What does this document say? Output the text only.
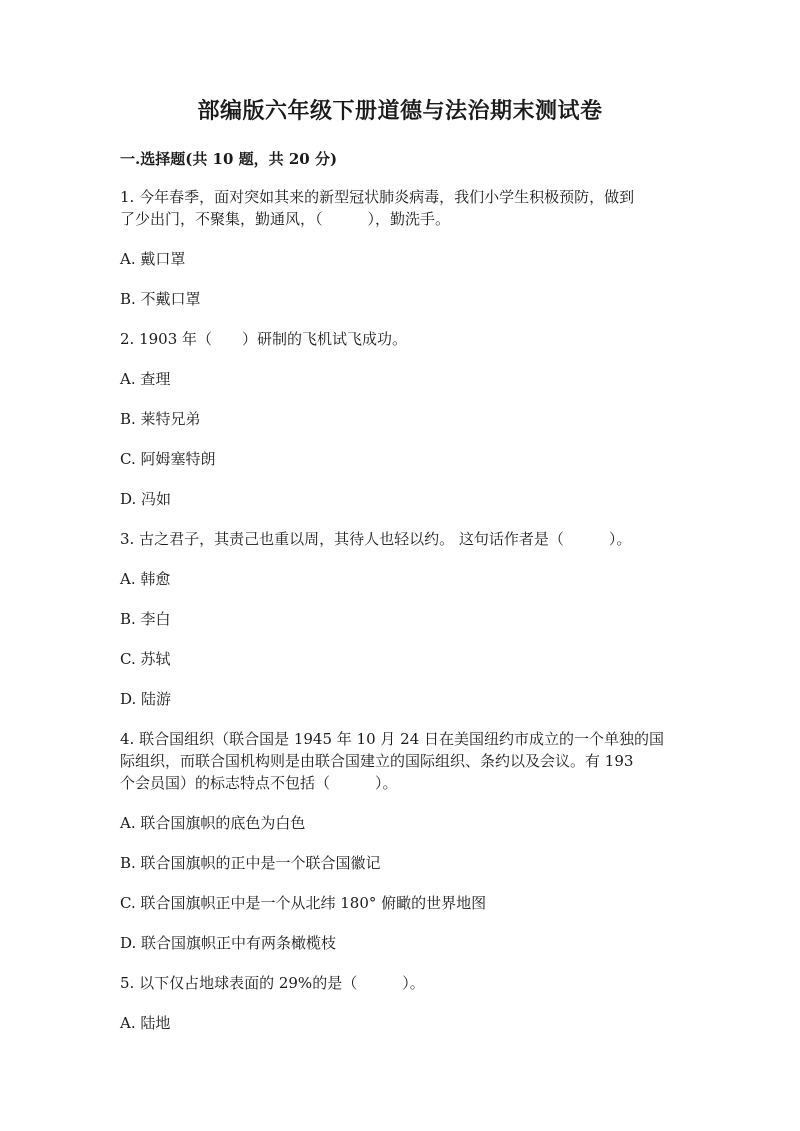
部编版六年级下册道德与法治期末测试卷
一.选择题(共 10 题，共 20 分)
1. 今年春季，面对突如其来的新型冠状肺炎病毒，我们小学生积极预防，做到
了少出门，不聚集，勤通风，（　　　），勤洗手。
A. 戴口罩
B. 不戴口罩
2. 1903 年（　　）研制的飞机试飞成功。
A. 查理
B. 莱特兄弟
C. 阿姆塞特朗
D. 冯如
3. 古之君子，其责己也重以周，其待人也轻以约。 这句话作者是（　　　）。
A. 韩愈
B. 李白
C. 苏轼
D. 陆游
4. 联合国组织（联合国是 1945 年 10 月 24 日在美国纽约市成立的一个单独的国
际组织，而联合国机构则是由联合国建立的国际组织、条约以及会议。有 193
个会员国）的标志特点不包括（　　　）。
A. 联合国旗帜的底色为白色
B. 联合国旗帜的正中是一个联合国徽记
C. 联合国旗帜正中是一个从北纬 180° 俯瞰的世界地图
D. 联合国旗帜正中有两条橄榄枝
5. 以下仅占地球表面的 29%的是（　　　）。
A. 陆地
